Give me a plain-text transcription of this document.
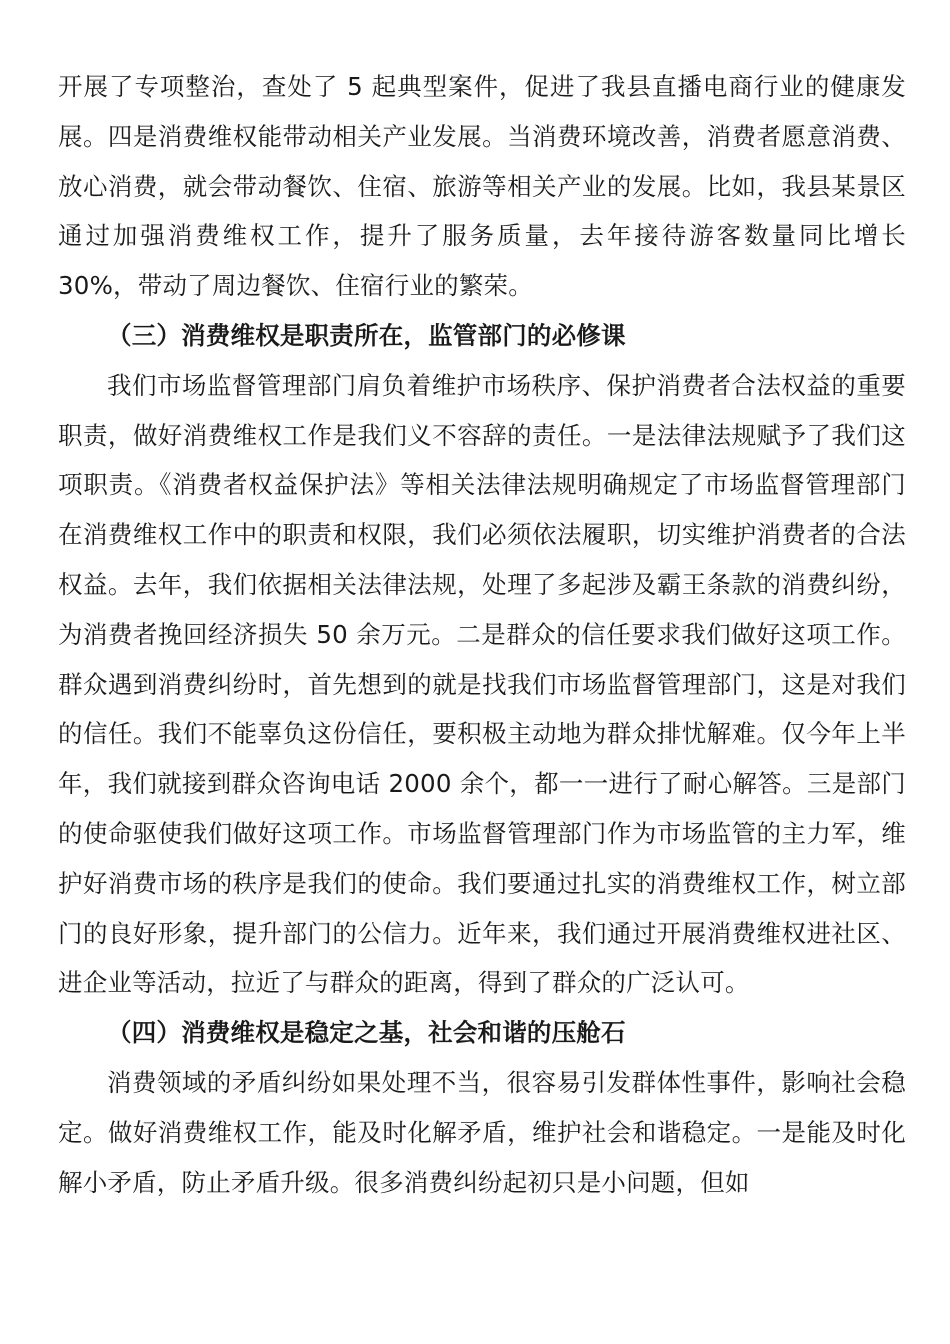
开展了专项整治，查处了 5 起典型案件，促进了我县直播电商行业的健康发展。四是消费维权能带动相关产业发展。当消费环境改善，消费者愿意消费、放心消费，就会带动餐饮、住宿、旅游等相关产业的发展。比如，我县某景区通过加强消费维权工作，提升了服务质量，去年接待游客数量同比增长 30%，带动了周边餐饮、住宿行业的繁荣。

（三）消费维权是职责所在，监管部门的必修课

我们市场监督管理部门肩负着维护市场秩序、保护消费者合法权益的重要职责，做好消费维权工作是我们义不容辞的责任。一是法律法规赋予了我们这项职责。《消费者权益保护法》等相关法律法规明确规定了市场监督管理部门在消费维权工作中的职责和权限，我们必须依法履职，切实维护消费者的合法权益。去年，我们依据相关法律法规，处理了多起涉及霸王条款的消费纠纷，为消费者挽回经济损失 50 余万元。二是群众的信任要求我们做好这项工作。群众遇到消费纠纷时，首先想到的就是找我们市场监督管理部门，这是对我们的信任。我们不能辜负这份信任，要积极主动地为群众排忧解难。仅今年上半年，我们就接到群众咨询电话 2000 余个，都一一进行了耐心解答。三是部门的使命驱使我们做好这项工作。市场监督管理部门作为市场监管的主力军，维护好消费市场的秩序是我们的使命。我们要通过扎实的消费维权工作，树立部门的良好形象，提升部门的公信力。近年来，我们通过开展消费维权进社区、进企业等活动，拉近了与群众的距离，得到了群众的广泛认可。

（四）消费维权是稳定之基，社会和谐的压舱石

消费领域的矛盾纠纷如果处理不当，很容易引发群体性事件，影响社会稳定。做好消费维权工作，能及时化解矛盾，维护社会和谐稳定。一是能及时化解小矛盾，防止矛盾升级。很多消费纠纷起初只是小问题，但如
